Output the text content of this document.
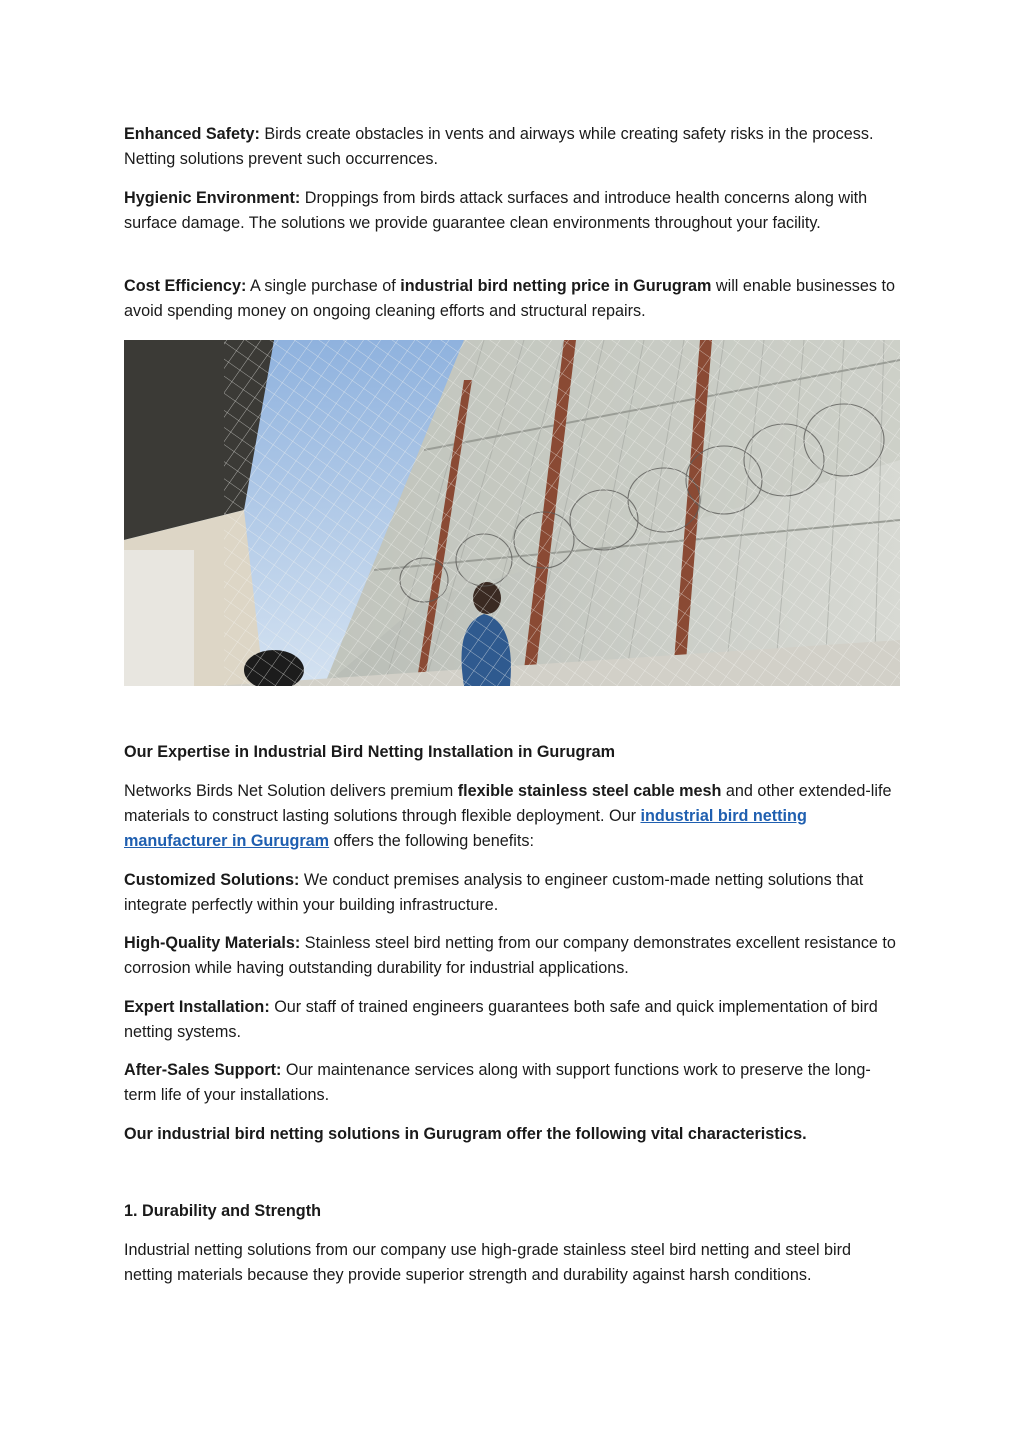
Enhanced Safety: Birds create obstacles in vents and airways while creating safety risks in the process. Netting solutions prevent such occurrences.

Hygienic Environment: Droppings from birds attack surfaces and introduce health concerns along with surface damage. The solutions we provide guarantee clean environments throughout your facility.

Cost Efficiency: A single purchase of industrial bird netting price in Gurugram will enable businesses to avoid spending money on ongoing cleaning efforts and structural repairs.

Our Expertise in Industrial Bird Netting Installation in Gurugram

Networks Birds Net Solution delivers premium flexible stainless steel cable mesh and other extended-life materials to construct lasting solutions through flexible deployment. Our industrial bird netting manufacturer in Gurugram offers the following benefits:

Customized Solutions: We conduct premises analysis to engineer custom-made netting solutions that integrate perfectly within your building infrastructure.

High-Quality Materials: Stainless steel bird netting from our company demonstrates excellent resistance to corrosion while having outstanding durability for industrial applications.

Expert Installation: Our staff of trained engineers guarantees both safe and quick implementation of bird netting systems.

After-Sales Support: Our maintenance services along with support functions work to preserve the long-term life of your installations.

Our industrial bird netting solutions in Gurugram offer the following vital characteristics.

1. Durability and Strength

Industrial netting solutions from our company use high-grade stainless steel bird netting and steel bird netting materials because they provide superior strength and durability against harsh conditions.
